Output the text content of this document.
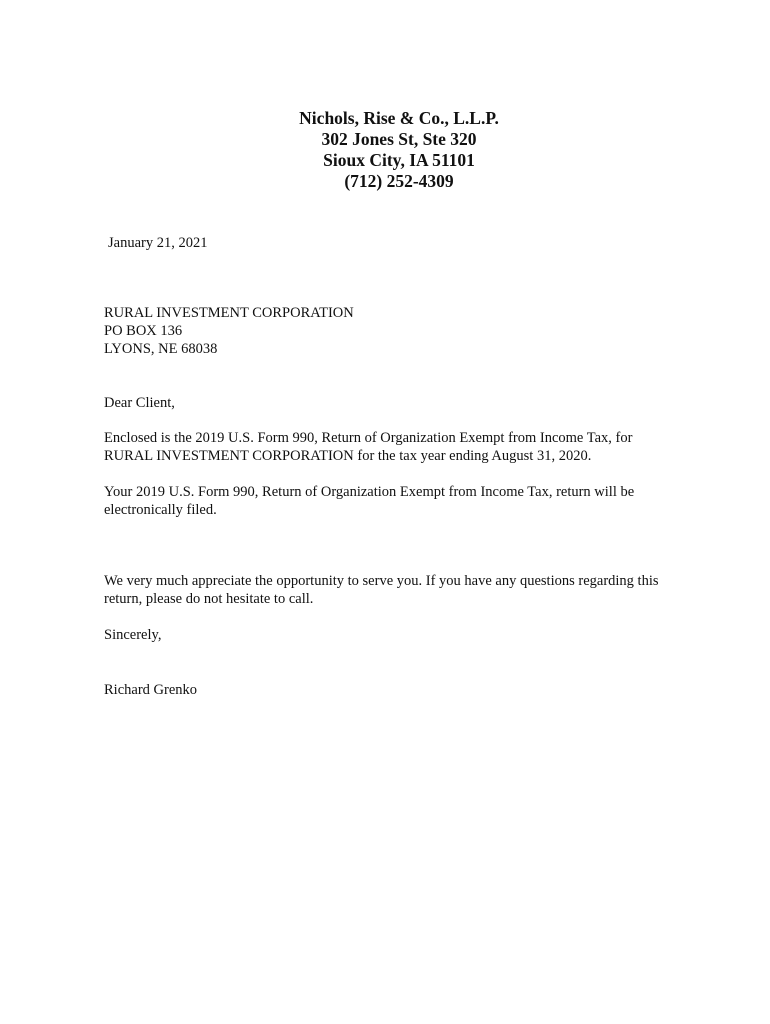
Nichols, Rise & Co., L.L.P.
302 Jones St, Ste 320
Sioux City, IA 51101
(712) 252-4309
January 21, 2021
RURAL INVESTMENT CORPORATION
PO BOX 136
LYONS, NE 68038
Dear Client,
Enclosed is the 2019 U.S. Form 990, Return of Organization Exempt from Income Tax, for
RURAL INVESTMENT CORPORATION for the tax year ending August 31, 2020.
Your 2019 U.S. Form 990, Return of Organization Exempt from Income Tax, return will be
electronically filed.
We very much appreciate the opportunity to serve you. If you have any questions regarding this
return, please do not hesitate to call.
Sincerely,
Richard Grenko
